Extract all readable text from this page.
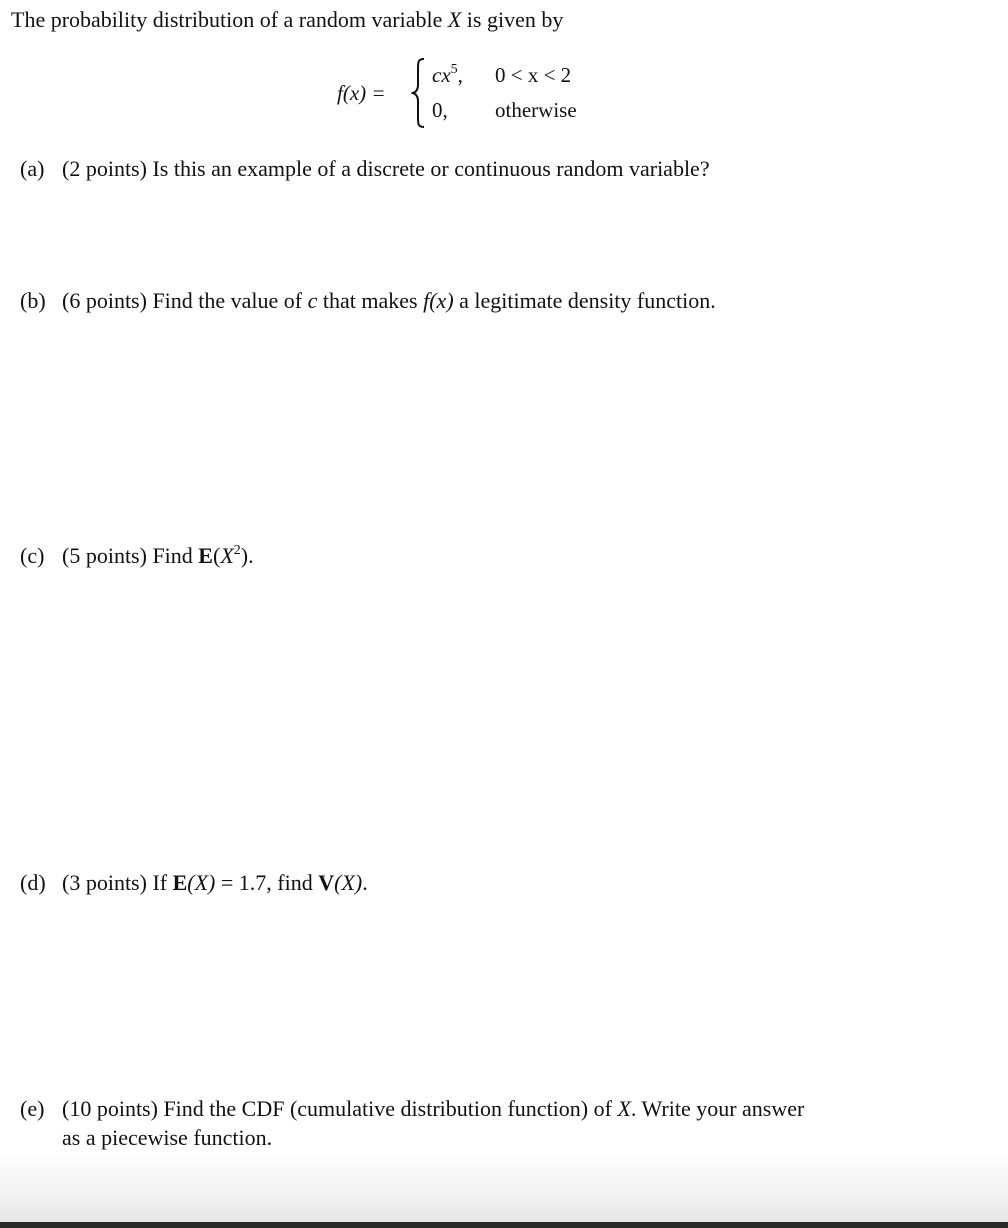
The probability distribution of a random variable X is given by
f(x) =
$cx^5$, 0 < x < 2
0, otherwise
(a) (2 points) Is this an example of a discrete or continuous random variable?
(b) (6 points) Find the value of c that makes f(x) a legitimate density function.
(c) (5 points) Find $E(X^2)$.
(d) (3 points) If E(X) = 1.7, find V(X).
(e) (10 points) Find the CDF (cumulative distribution function) of X. Write your answer
as a piecewise function.
